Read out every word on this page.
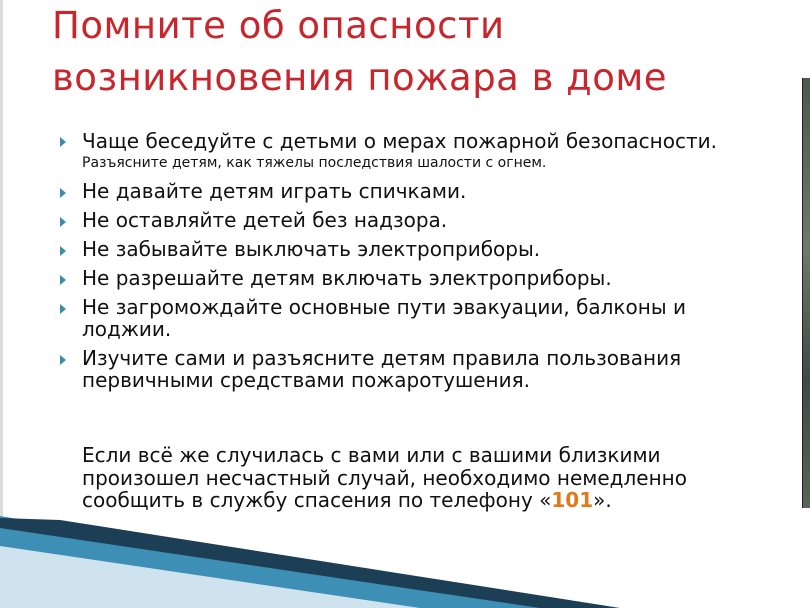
Помните об опасности
возникновения пожара в доме
Чаще беседуйте с детьми о мерах пожарной безопасности. Разъясните детям, как тяжелы последствия шалости с огнем.
Не давайте детям играть спичками.
Не оставляйте детей без надзора.
Не забывайте выключать электроприборы.
Не разрешайте детям включать электроприборы.
Не загромождайте основные пути эвакуации, балконы и лоджии.
Изучите сами и разъясните детям правила пользования первичными средствами пожаротушения.
Если всё же случилась с вами или с вашими близкими произошел несчастный случай, необходимо немедленно сообщить в службу спасения по телефону «101».
